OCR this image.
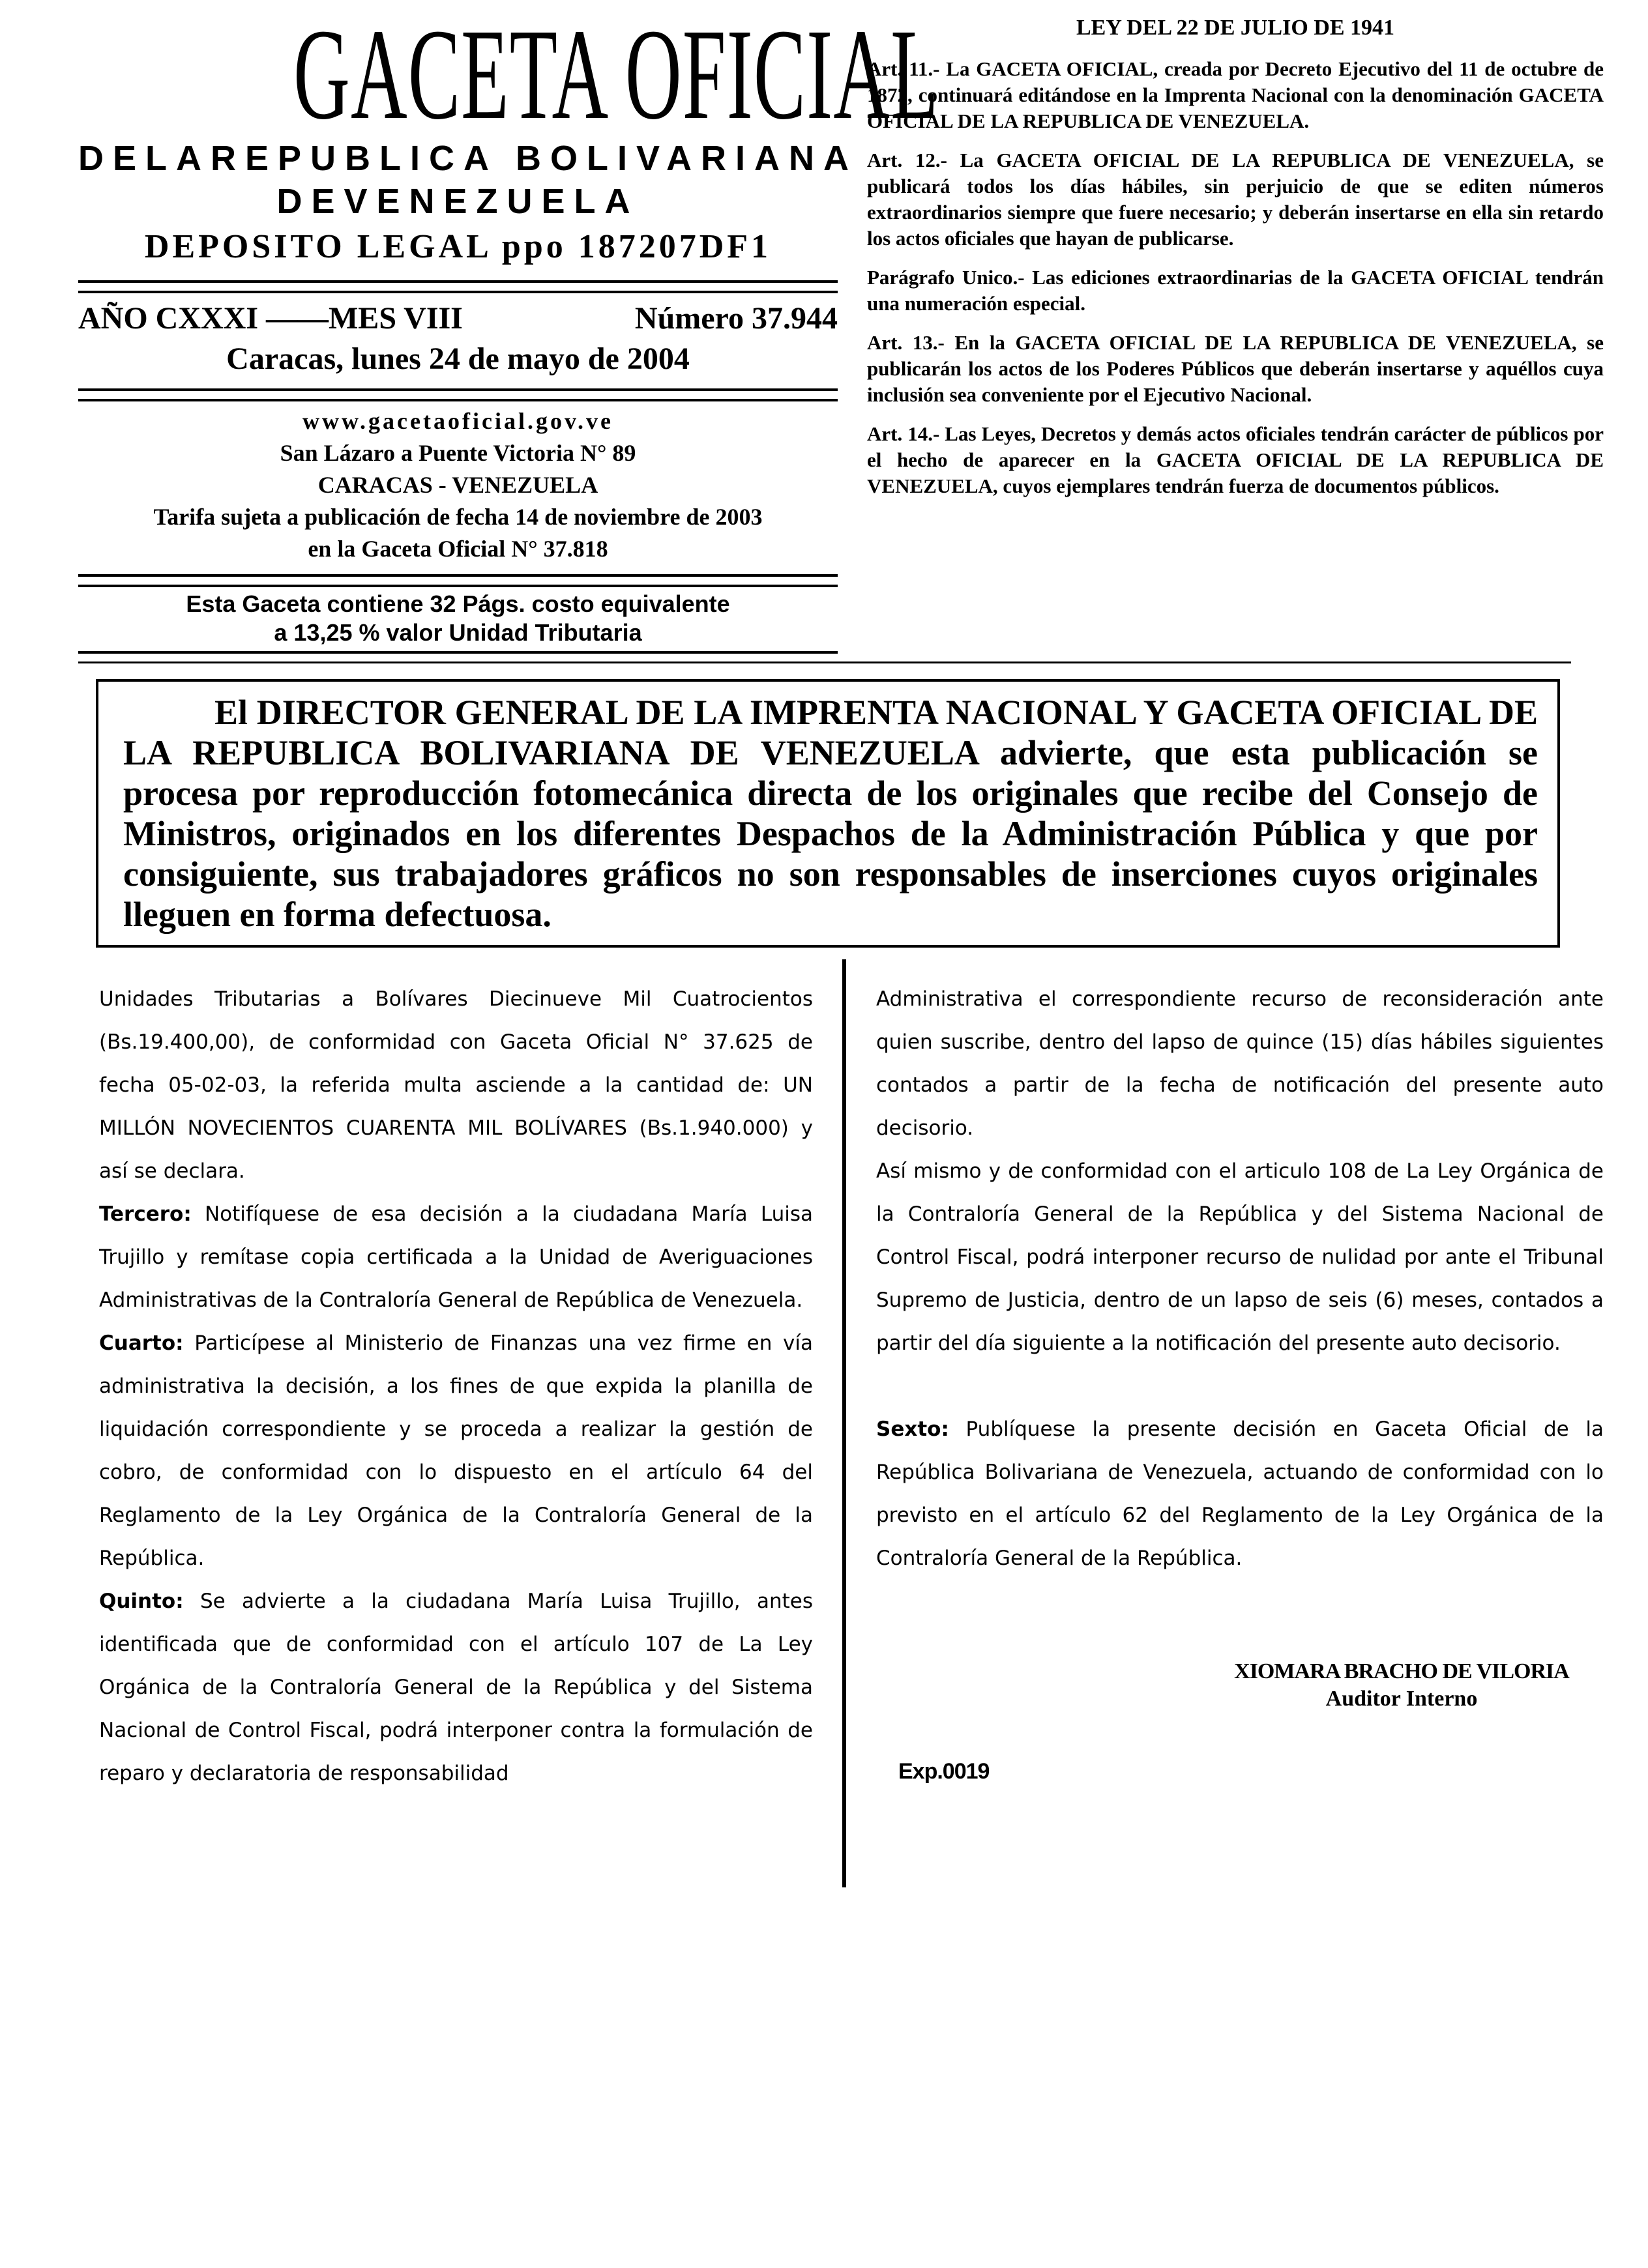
GACETA OFICIAL
DELAREPUBLICA BOLIVARIANA
DEVENEZUELA
DEPOSITO LEGAL ppo 187207DF1
AÑO CXXXI ——MES VIII	Número 37.944
Caracas, lunes 24 de mayo de 2004
www.gacetaoficial.gov.ve
San Lázaro a Puente Victoria N° 89
CARACAS - VENEZUELA
Tarifa sujeta a publicación de fecha 14 de noviembre de 2003
en la Gaceta Oficial N° 37.818
Esta Gaceta contiene 32 Págs. costo equivalente
a 13,25 % valor Unidad Tributaria
LEY DEL 22 DE JULIO DE 1941

Art. 11.- La GACETA OFICIAL, creada por Decreto Ejecutivo del 11 de octubre de 1872, continuará editándose en la Imprenta Nacional con la denominación GACETA OFICIAL DE LA REPUBLICA DE VENEZUELA.

Art. 12.- La GACETA OFICIAL DE LA REPUBLICA DE VENEZUELA, se publicará todos los días hábiles, sin perjuicio de que se editen números extraordinarios siempre que fuere necesario; y deberán insertarse en ella sin retardo los actos oficiales que hayan de publicarse.

Parágrafo Unico.- Las ediciones extraordinarias de la GACETA OFICIAL tendrán una numeración especial.

Art. 13.- En la GACETA OFICIAL DE LA REPUBLICA DE VENEZUELA, se publicarán los actos de los Poderes Públicos que deberán insertarse y aquéllos cuya inclusión sea conveniente por el Ejecutivo Nacional.

Art. 14.- Las Leyes, Decretos y demás actos oficiales tendrán carácter de públicos por el hecho de aparecer en la GACETA OFICIAL DE LA REPUBLICA DE VENEZUELA, cuyos ejemplares tendrán fuerza de documentos públicos.

El DIRECTOR GENERAL DE LA IMPRENTA NACIONAL Y GACETA OFICIAL DE LA REPUBLICA BOLIVARIANA DE VENEZUELA advierte, que esta publicación se procesa por reproducción fotomecánica directa de los originales que recibe del Consejo de Ministros, originados en los diferentes Despachos de la Administración Pública y que por consiguiente, sus trabajadores gráficos no son responsables de inserciones cuyos originales lleguen en forma defectuosa.

Unidades Tributarias a Bolívares Diecinueve Mil Cuatrocientos (Bs.19.400,00), de conformidad con Gaceta Oficial N° 37.625 de fecha 05-02-03, la referida multa asciende a la cantidad de: UN MILLÓN NOVECIENTOS CUARENTA MIL BOLÍVARES (Bs.1.940.000) y así se declara.

Tercero: Notifíquese de esa decisión a la ciudadana María Luisa Trujillo y remítase copia certificada a la Unidad de Averiguaciones Administrativas de la Contraloría General de República de Venezuela.

Cuarto: Particípese al Ministerio de Finanzas una vez firme en vía administrativa la decisión, a los fines de que expida la planilla de liquidación correspondiente y se proceda a realizar la gestión de cobro, de conformidad con lo dispuesto en el artículo 64 del Reglamento de la Ley Orgánica de la Contraloría General de la República.

Quinto: Se advierte a la ciudadana María Luisa Trujillo, antes identificada que de conformidad con el artículo 107 de La Ley Orgánica de la Contraloría General de la República y del Sistema Nacional de Control Fiscal, podrá interponer contra la formulación de reparo y declaratoria de responsabilidad

Administrativa el correspondiente recurso de reconsideración ante quien suscribe, dentro del lapso de quince (15) días hábiles siguientes contados a partir de la fecha de notificación del presente auto decisorio.

Así mismo y de conformidad con el articulo 108 de La Ley Orgánica de la Contraloría General de la República y del Sistema Nacional de Control Fiscal, podrá interponer recurso de nulidad por ante el Tribunal Supremo de Justicia, dentro de un lapso de seis (6) meses, contados a partir del día siguiente a la notificación del presente auto decisorio.

Sexto: Publíquese la presente decisión en Gaceta Oficial de la República Bolivariana de Venezuela, actuando de conformidad con lo previsto en el artículo 62 del Reglamento de la Ley Orgánica de la Contraloría General de la República.

XIOMARA BRACHO DE VILORIA
Auditor Interno
Exp.0019
